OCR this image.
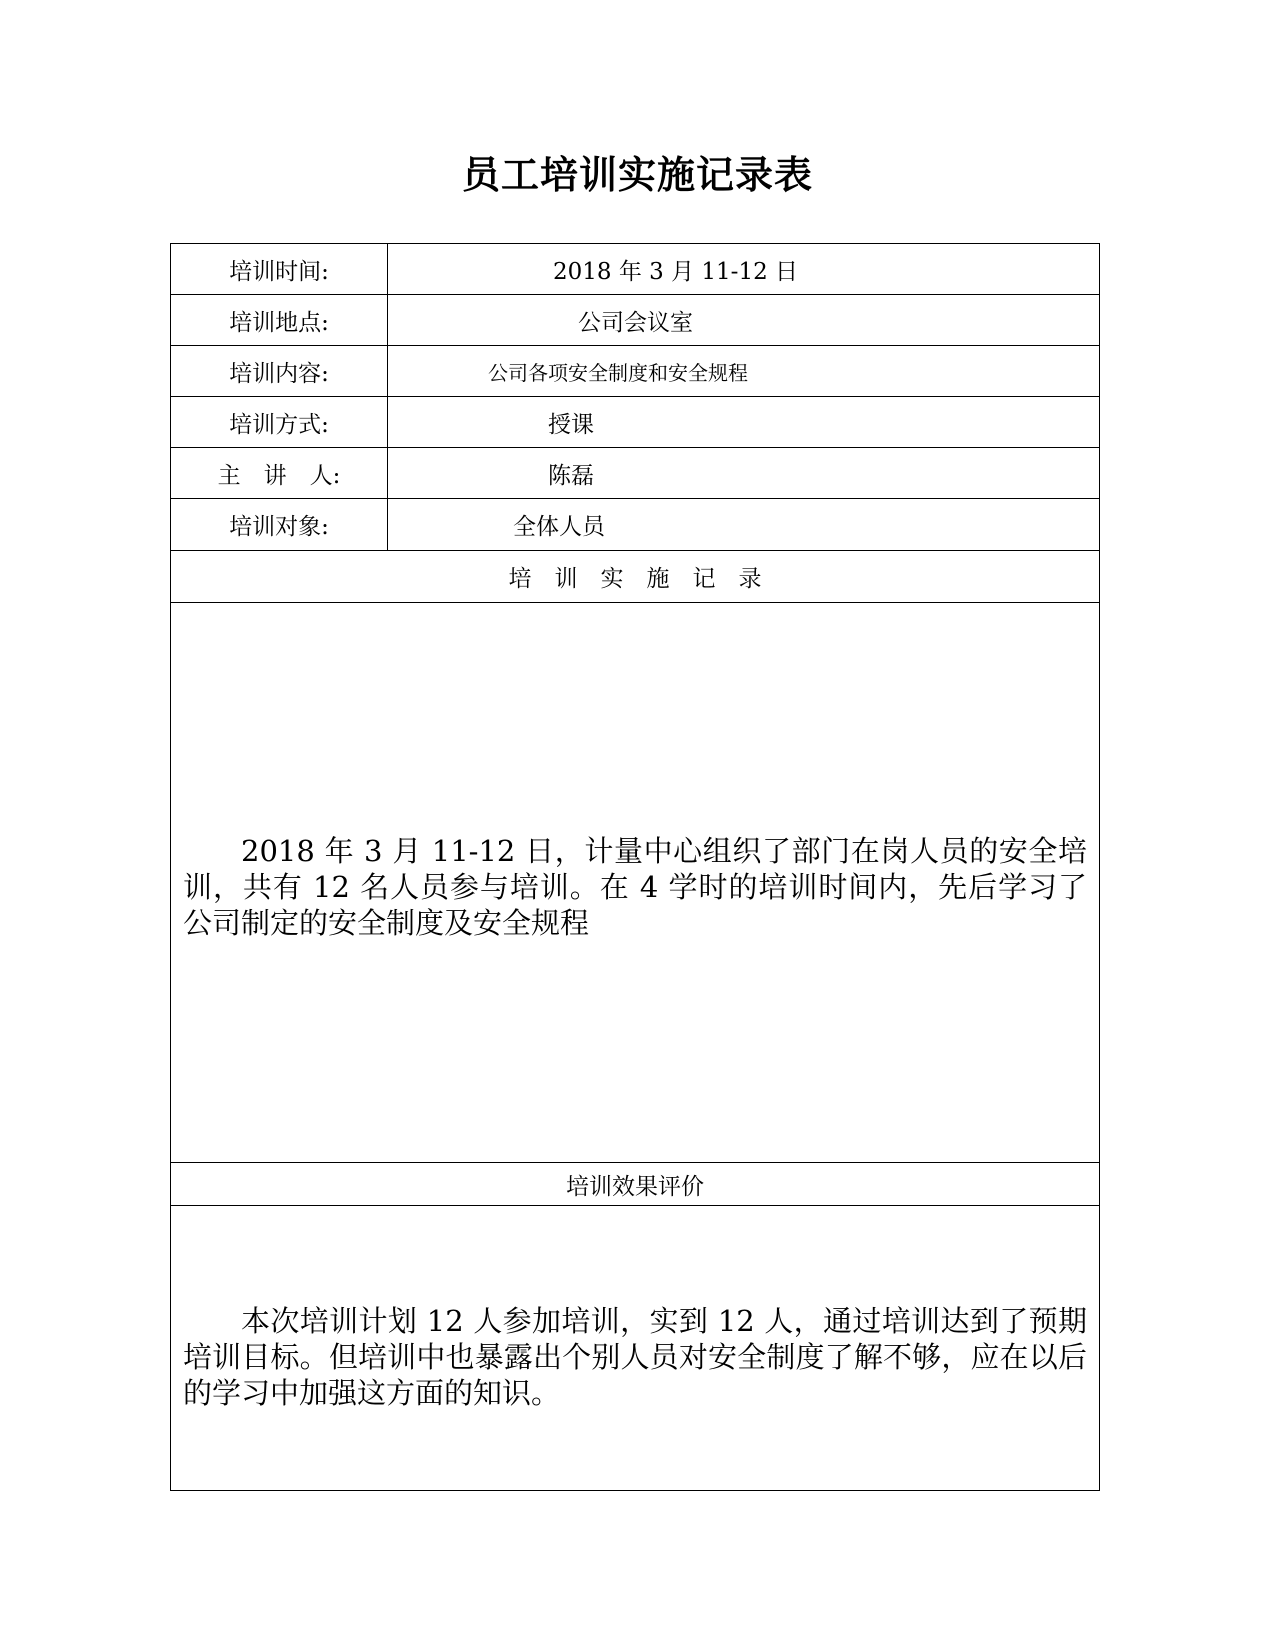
员工培训实施记录表
培训时间:	2018 年 3 月 11-12 日
培训地点:	公司会议室
培训内容:	公司各项安全制度和安全规程
培训方式:	授课
主　讲　人:	陈磊
培训对象:	全体人员
培　训　实　施　记　录
2018 年 3 月 11-12 日，计量中心组织了部门在岗人员的安全培训，共有 12 名人员参与培训。在 4 学时的培训时间内，先后学习了公司制定的安全制度及安全规程
培训效果评价
本次培训计划 12 人参加培训，实到 12 人，通过培训达到了预期培训目标。但培训中也暴露出个别人员对安全制度了解不够，应在以后的学习中加强这方面的知识。
